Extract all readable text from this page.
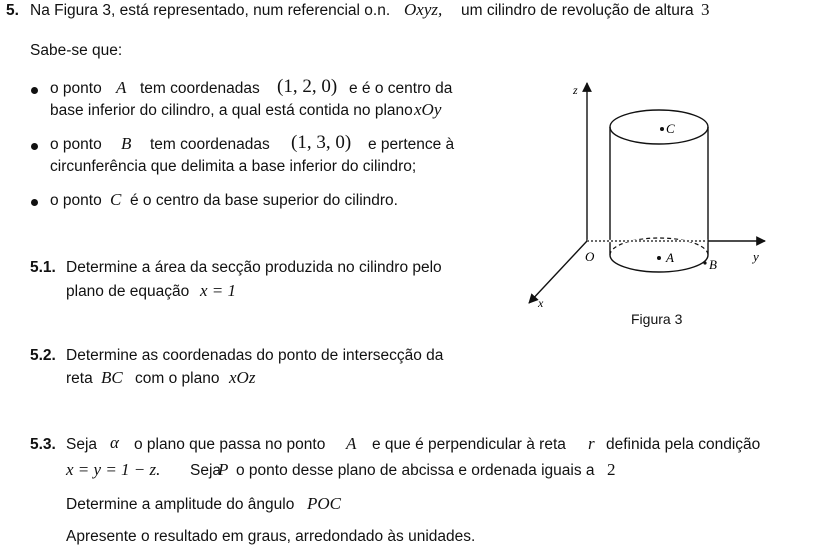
5. Na Figura 3, está representado, num referencial o.n. Oxyz, um cilindro de revolução de altura 3
Sabe-se que:
o ponto A tem coordenadas (1, 2, 0) e é o centro da
base inferior do cilindro, a qual está contida no plano xOy
o ponto B tem coordenadas (1, 3, 0) e pertence à
circunferência que delimita a base inferior do cilindro;
o ponto C é o centro da base superior do cilindro.
5.1. Determine a área da secção produzida no cilindro pelo
plano de equação x = 1
5.2. Determine as coordenadas do ponto de intersecção da
reta BC com o plano xOz
5.3. Seja α o plano que passa no ponto A e que é perpendicular à reta r definida pela condição
x = y = 1 − z. Seja
P o ponto desse plano de abcissa e ordenada iguais a 2
Determine a amplitude do ângulo POC
Apresente o resultado em graus, arredondado às unidades.
z
y
x
O	A	B
C
Figura 3
